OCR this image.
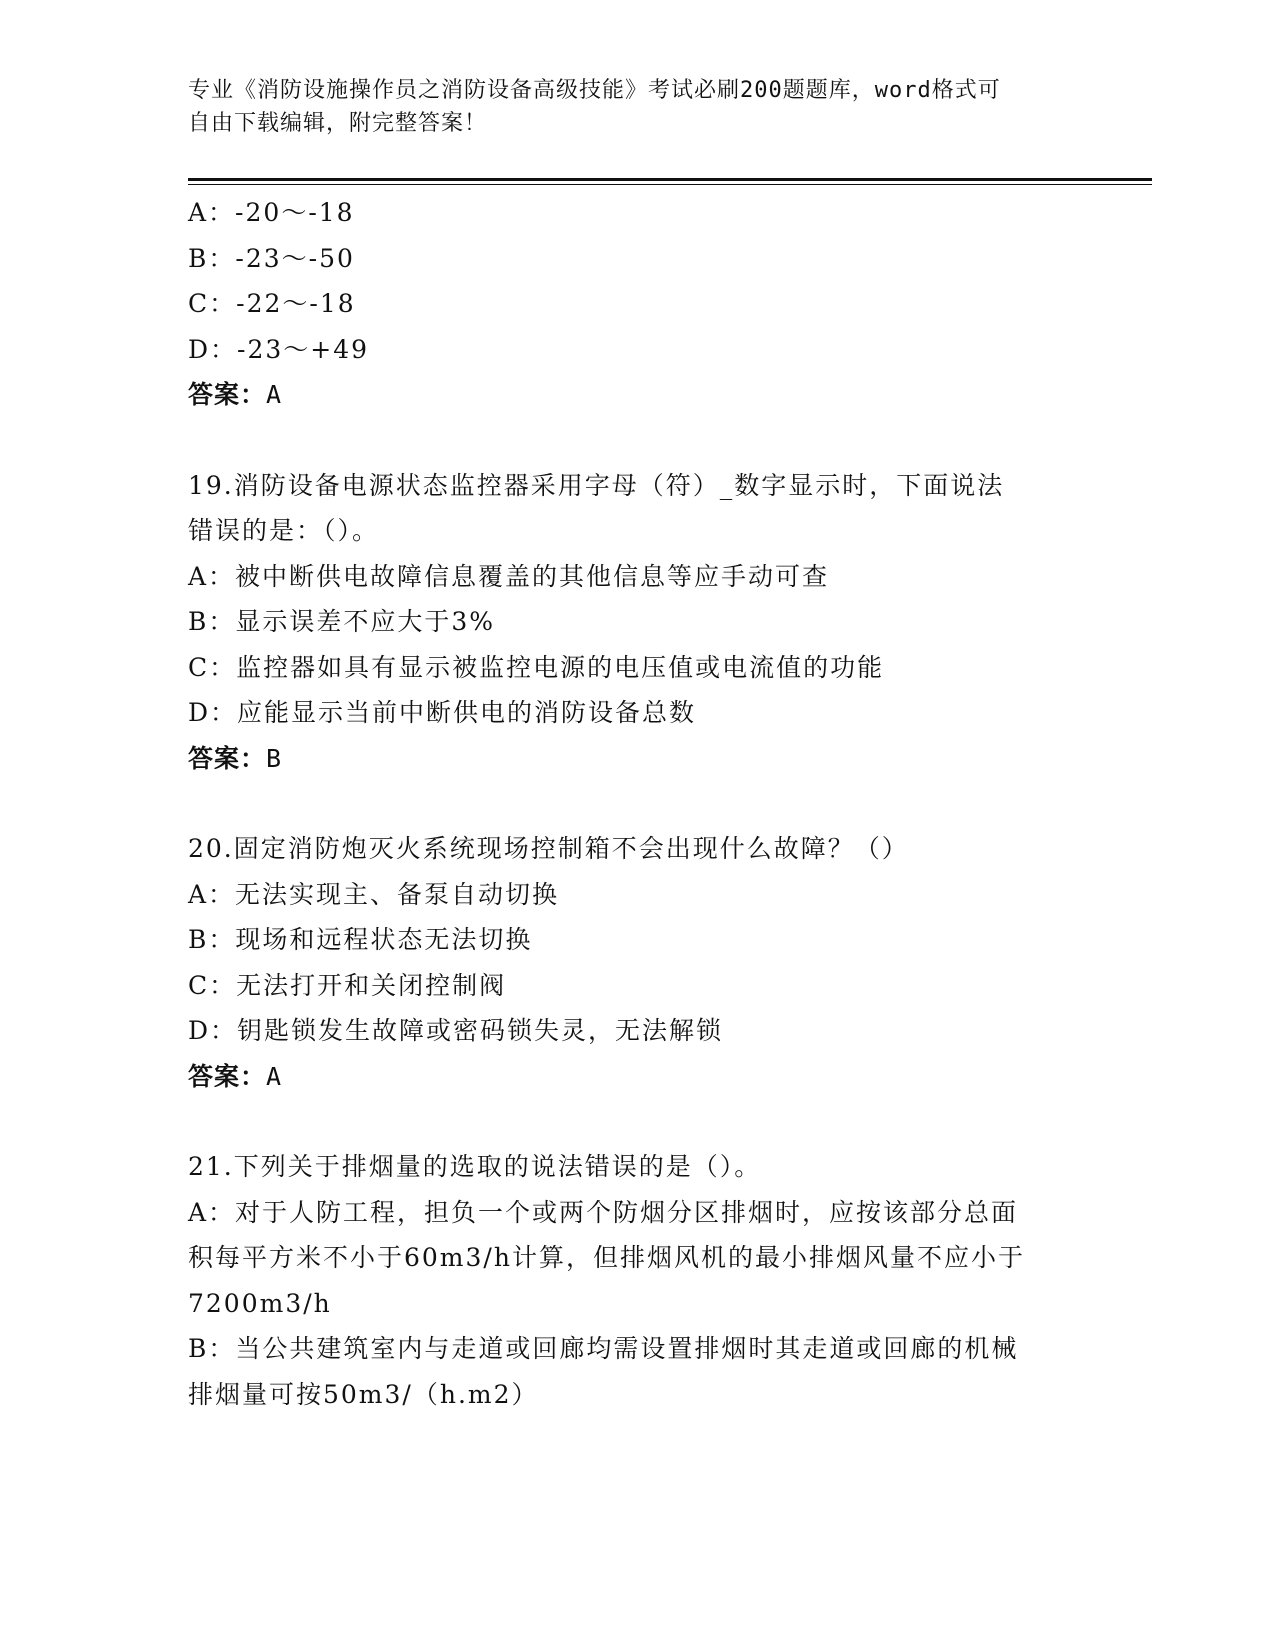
专业《消防设施操作员之消防设备高级技能》考试必刷200题题库，word格式可
自由下载编辑，附完整答案！
A：-20～-18
B：-23～-50
C：-22～-18
D：-23～+49
答案：A
19.消防设备电源状态监控器采用字母（符）_数字显示时，下面说法
错误的是：（）。
A：被中断供电故障信息覆盖的其他信息等应手动可查
B：显示误差不应大于3%
C：监控器如具有显示被监控电源的电压值或电流值的功能
D：应能显示当前中断供电的消防设备总数
答案：B
20.固定消防炮灭火系统现场控制箱不会出现什么故障？（）
A：无法实现主、备泵自动切换
B：现场和远程状态无法切换
C：无法打开和关闭控制阀
D：钥匙锁发生故障或密码锁失灵，无法解锁
答案：A
21.下列关于排烟量的选取的说法错误的是（）。
A：对于人防工程，担负一个或两个防烟分区排烟时，应按该部分总面
积每平方米不小于60m3/h计算，但排烟风机的最小排烟风量不应小于
7200m3/h
B：当公共建筑室内与走道或回廊均需设置排烟时其走道或回廊的机械
排烟量可按50m3/（h.m2）
